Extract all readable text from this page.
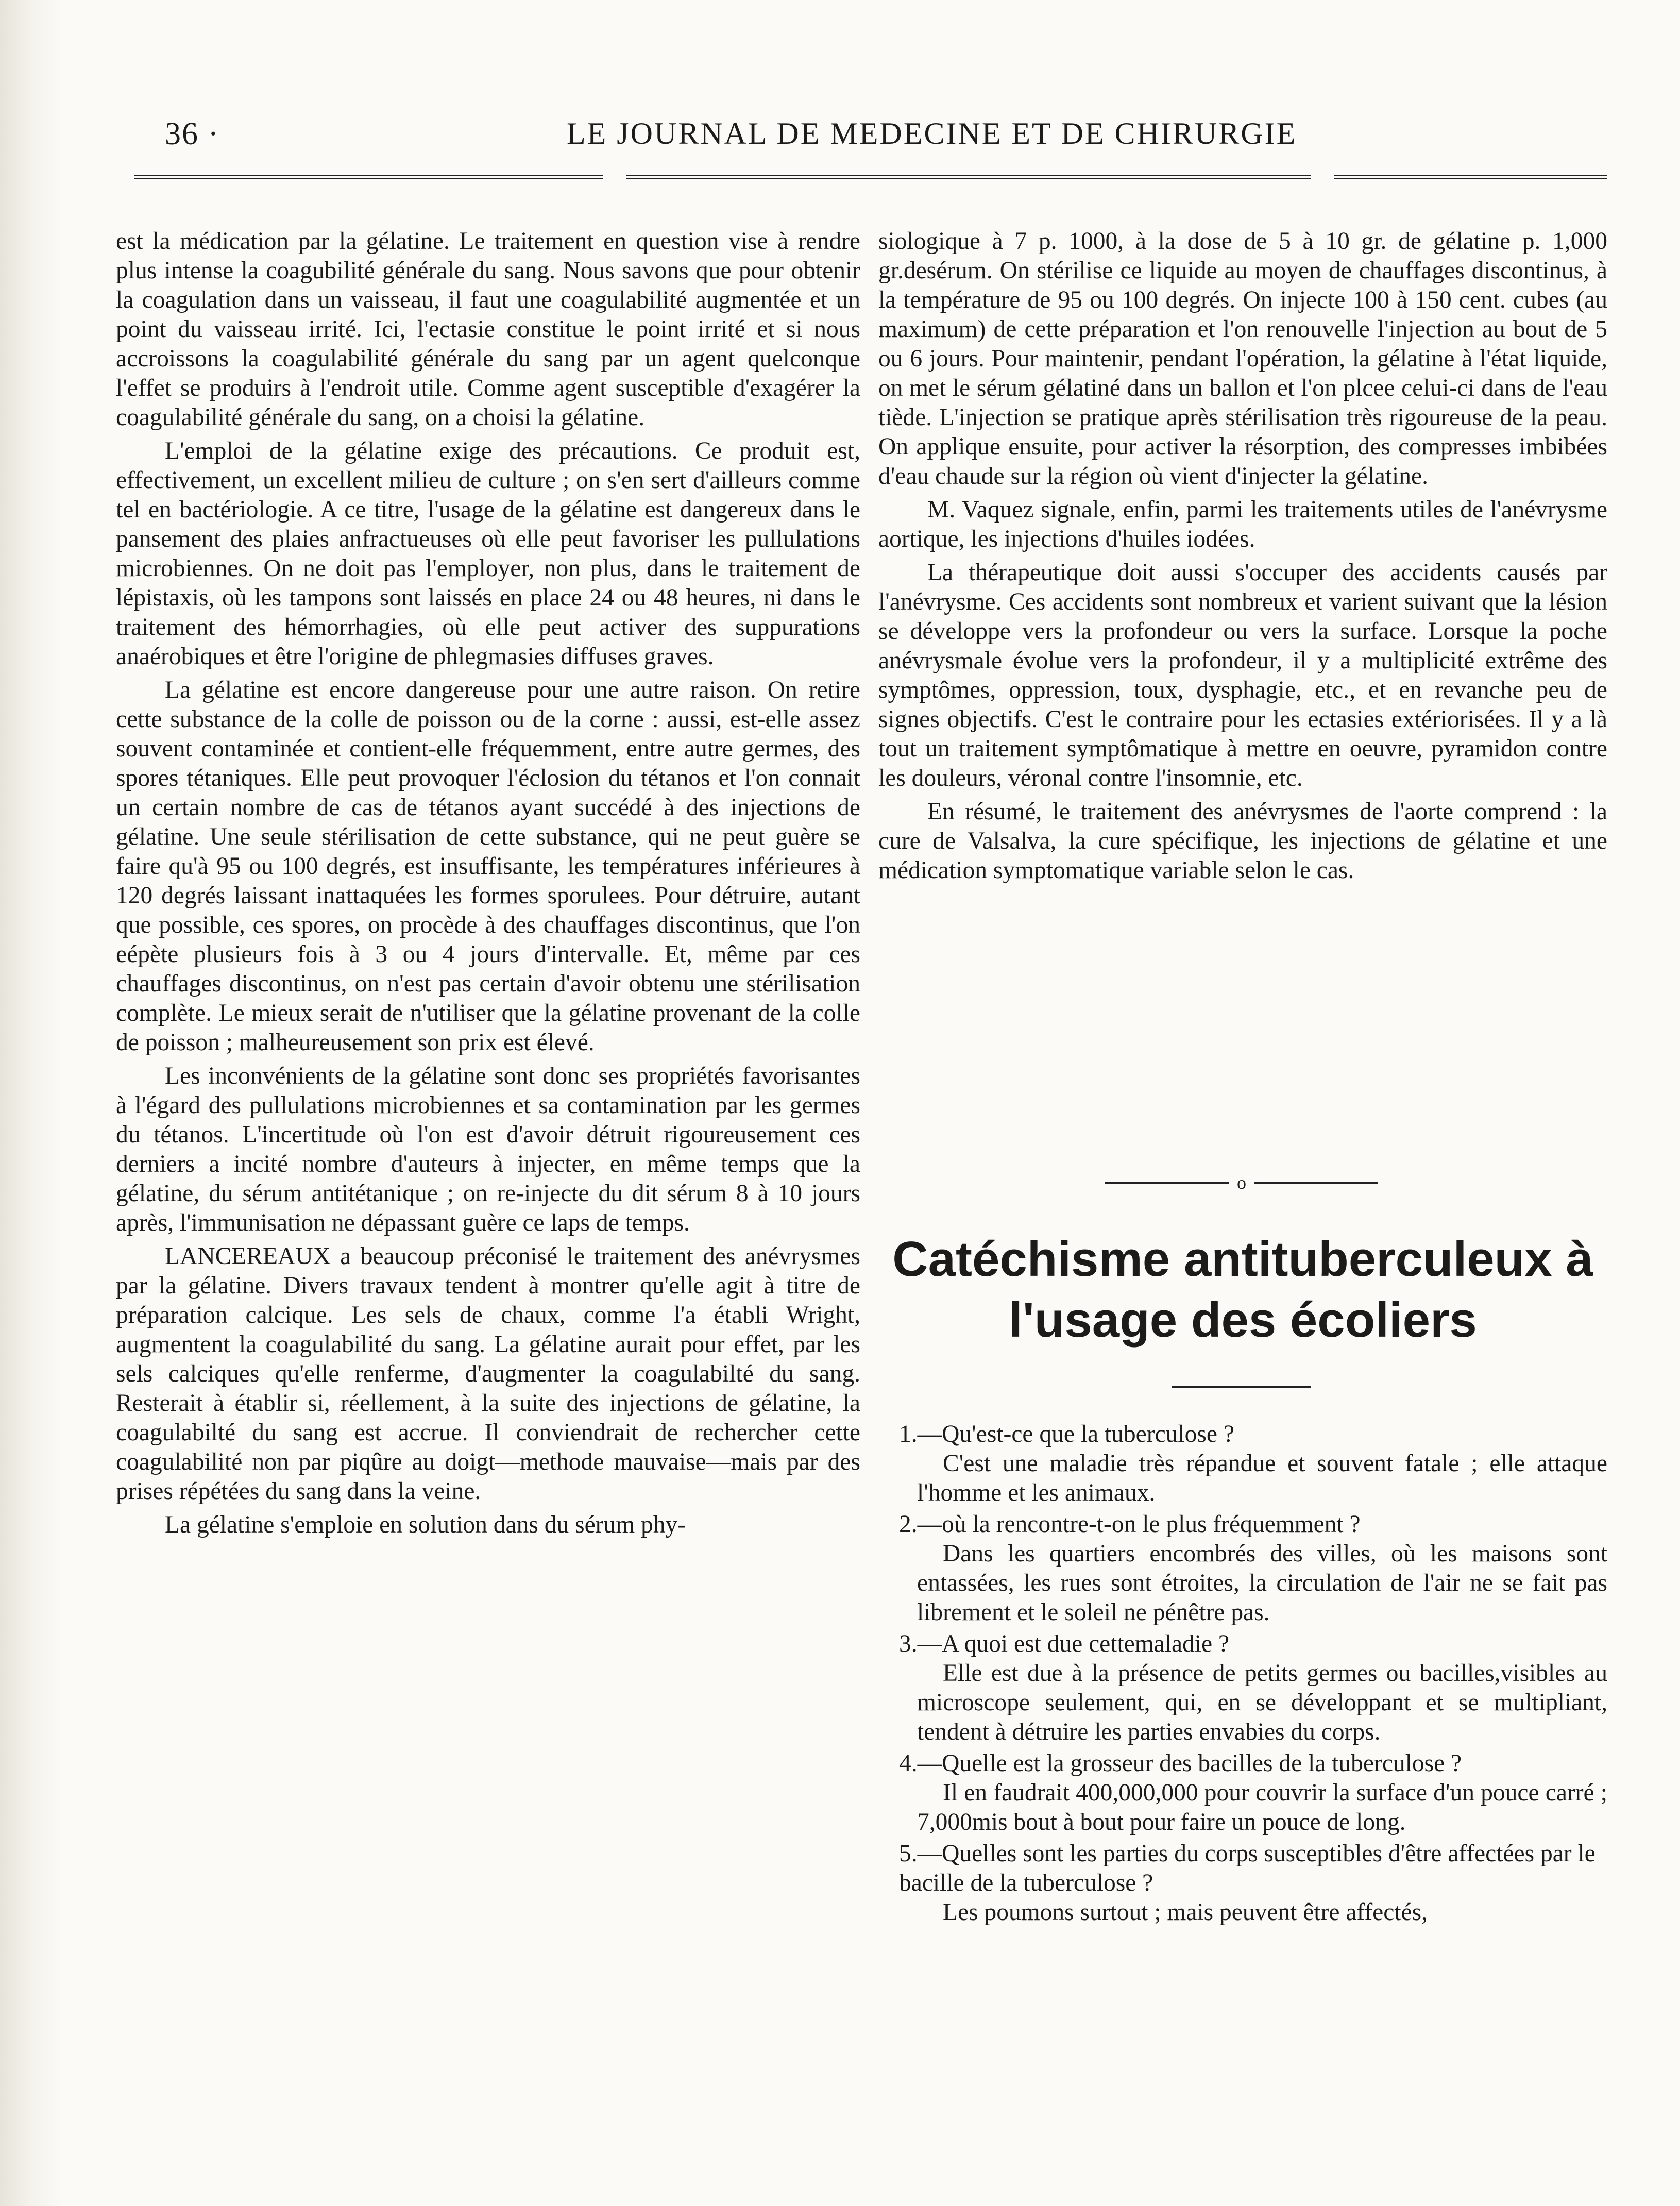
36 ·	LE JOURNAL DE MEDECINE ET DE CHIRURGIE

est la médication par la gélatine. Le traitement en question vise à rendre plus intense la coagubilité générale du sang. Nous savons que pour obtenir la coagulation dans un vaisseau, il faut une coagulabilité augmentée et un point du vaisseau irrité. Ici, l'ectasie constitue le point irrité et si nous accroissons la coagulabilité générale du sang par un agent quelconque l'effet se produirs à l'endroit utile. Comme agent susceptible d'exagérer la coagulabilité générale du sang, on a choisi la gélatine.

L'emploi de la gélatine exige des précautions. Ce produit est, effectivement, un excellent milieu de culture ; on s'en sert d'ailleurs comme tel en bactériologie. A ce titre, l'usage de la gélatine est dangereux dans le pansement des plaies anfractueuses où elle peut favoriser les pullulations microbiennes. On ne doit pas l'employer, non plus, dans le traitement de lépistaxis, où les tampons sont laissés en place 24 ou 48 heures, ni dans le traitement des hémorrhagies, où elle peut activer des suppurations anaérobiques et être l'origine de phlegmasies diffuses graves.

La gélatine est encore dangereuse pour une autre raison. On retire cette substance de la colle de poisson ou de la corne : aussi, est-elle assez souvent contaminée et contient-elle fréquemment, entre autre germes, des spores tétaniques. Elle peut provoquer l'éclosion du tétanos et l'on connait un certain nombre de cas de tétanos ayant succédé à des injections de gélatine. Une seule stérilisation de cette substance, qui ne peut guère se faire qu'à 95 ou 100 degrés, est insuffisante, les températures inférieures à 120 degrés laissant inattaquées les formes sporulees. Pour détruire, autant que possible, ces spores, on procède à des chauffages discontinus, que l'on eépète plusieurs fois à 3 ou 4 jours d'intervalle. Et, même par ces chauffages discontinus, on n'est pas certain d'avoir obtenu une stérilisation complète. Le mieux serait de n'utiliser que la gélatine provenant de la colle de poisson ; malheureusement son prix est élevé.

Les inconvénients de la gélatine sont donc ses propriétés favorisantes à l'égard des pullulations microbiennes et sa contamination par les germes du tétanos. L'incertitude où l'on est d'avoir détruit rigoureusement ces derniers a incité nombre d'auteurs à injecter, en même temps que la gélatine, du sérum antitétanique ; on re-injecte du dit sérum 8 à 10 jours après, l'immunisation ne dépassant guère ce laps de temps.

LANCEREAUX a beaucoup préconisé le traitement des anévrysmes par la gélatine. Divers travaux tendent à montrer qu'elle agit à titre de préparation calcique. Les sels de chaux, comme l'a établi Wright, augmentent la coagulabilité du sang. La gélatine aurait pour effet, par les sels calciques qu'elle renferme, d'augmenter la coagulabilté du sang. Resterait à établir si, réellement, à la suite des injections de gélatine, la coagulabilté du sang est accrue. Il conviendrait de rechercher cette coagulabilité non par piqûre au doigt—methode mauvaise—mais par des prises répétées du sang dans la veine.

La gélatine s'emploie en solution dans du sérum phy-

siologique à 7 p. 1000, à la dose de 5 à 10 gr. de gélatine p. 1,000 gr.desérum. On stérilise ce liquide au moyen de chauffages discontinus, à la température de 95 ou 100 degrés. On injecte 100 à 150 cent. cubes (au maximum) de cette préparation et l'on renouvelle l'injection au bout de 5 ou 6 jours. Pour maintenir, pendant l'opération, la gélatine à l'état liquide, on met le sérum gélatiné dans un ballon et l'on plcee celui-ci dans de l'eau tiède. L'injection se pratique après stérilisation très rigoureuse de la peau. On applique ensuite, pour activer la résorption, des compresses imbibées d'eau chaude sur la région où vient d'injecter la gélatine.

M. Vaquez signale, enfin, parmi les traitements utiles de l'anévrysme aortique, les injections d'huiles iodées.

La thérapeutique doit aussi s'occuper des accidents causés par l'anévrysme. Ces accidents sont nombreux et varient suivant que la lésion se développe vers la profondeur ou vers la surface. Lorsque la poche anévrysmale évolue vers la profondeur, il y a multiplicité extrême des symptômes, oppression, toux, dysphagie, etc., et en revanche peu de signes objectifs. C'est le contraire pour les ectasies extériorisées. Il y a là tout un traitement symptômatique à mettre en oeuvre, pyramidon contre les douleurs, véronal contre l'insomnie, etc.

En résumé, le traitement des anévrysmes de l'aorte comprend : la cure de Valsalva, la cure spécifique, les injections de gélatine et une médication symptomatique variable selon le cas.

o
Catéchisme antituberculeux à
l'usage des écoliers

1.—Qu'est-ce que la tuberculose ?

C'est une maladie très répandue et souvent fatale ; elle attaque l'homme et les animaux.

2.—où la rencontre-t-on le plus fréquemment ?

Dans les quartiers encombrés des villes, où les maisons sont entassées, les rues sont étroites, la circulation de l'air ne se fait pas librement et le soleil ne pénêtre pas.

3.—A quoi est due cettemaladie ?

Elle est due à la présence de petits germes ou bacilles,visibles au microscope seulement, qui, en se développant et se multipliant, tendent à détruire les parties envabies du corps.

4.—Quelle est la grosseur des bacilles de la tuberculose ?

Il en faudrait 400,000,000 pour couvrir la surface d'un pouce carré ; 7,000mis bout à bout pour faire un pouce de long.

5.—Quelles sont les parties du corps susceptibles d'être affectées par le bacille de la tuberculose ?

Les poumons surtout ; mais peuvent être affectés,
